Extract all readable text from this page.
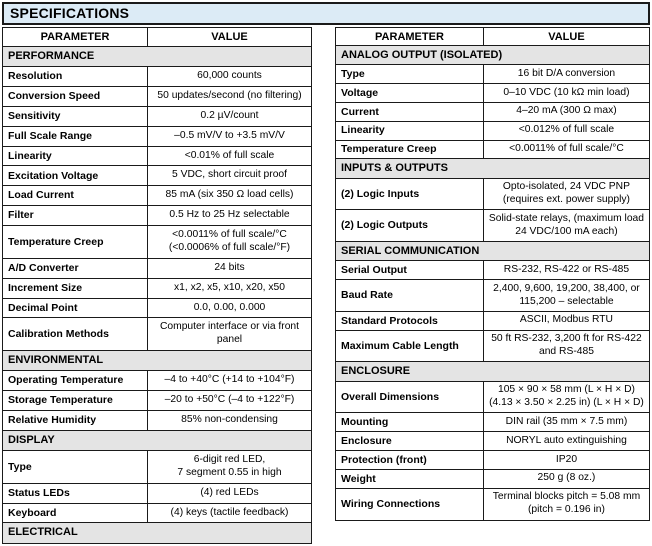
SPECIFICATIONS
PARAMETER	VALUE
PERFORMANCE	
Resolution	60,000 counts

Conversion Speed	50 updates/second (no filtering)

Sensitivity	0.2 µV/count

Full Scale Range	–0.5 mV/V to +3.5 mV/V

Linearity	<0.01% of full scale

Excitation Voltage	5 VDC, short circuit proof

Load Current	85 mA (six 350 Ω load cells)

Filter	0.5 Hz to 25 Hz selectable

Temperature Creep	<0.0011% of full scale/°C
(<0.0006% of full scale/°F)

A/D Converter	24 bits

Increment Size	x1, x2, x5, x10, x20, x50

Decimal Point	0.0, 0.00, 0.000

Calibration Methods	Computer interface or via front
panel

ENVIRONMENTAL	
Operating Temperature	–4 to +40°C (+14 to +104°F)

Storage Temperature	–20 to +50°C (–4 to +122°F)

Relative Humidity	85% non-condensing

DISPLAY	
Type	6-digit red LED,
7 segment 0.55 in high

Status LEDs	(4) red LEDs

Keyboard	(4) keys (tactile feedback)

ELECTRICAL	
PARAMETER	VALUE
ANALOG OUTPUT (ISOLATED)	
Type	16 bit D/A conversion

Voltage	0–10 VDC (10 kΩ min load)

Current	4–20 mA (300 Ω max)

Linearity	<0.012% of full scale

Temperature Creep	<0.0011% of full scale/°C

INPUTS & OUTPUTS	
(2) Logic Inputs	Opto-isolated, 24 VDC PNP
(requires ext. power supply)

(2) Logic Outputs	Solid-state relays, (maximum load
24 VDC/100 mA each)

SERIAL COMMUNICATION	
Serial Output	RS-232, RS-422 or RS-485

Baud Rate	2,400, 9,600, 19,200, 38,400, or
115,200 – selectable

Standard Protocols	ASCII, Modbus RTU

Maximum Cable Length	50 ft RS-232, 3,200 ft for RS-422
and RS-485

ENCLOSURE	
Overall Dimensions	105 × 90 × 58 mm (L × H × D)
(4.13 × 3.50 × 2.25 in) (L × H × D)

Mounting	DIN rail (35 mm × 7.5 mm)

Enclosure	NORYL auto extinguishing

Protection (front)	IP20

Weight	250 g (8 oz.)

Wiring Connections	Terminal blocks pitch = 5.08 mm
(pitch = 0.196 in)
